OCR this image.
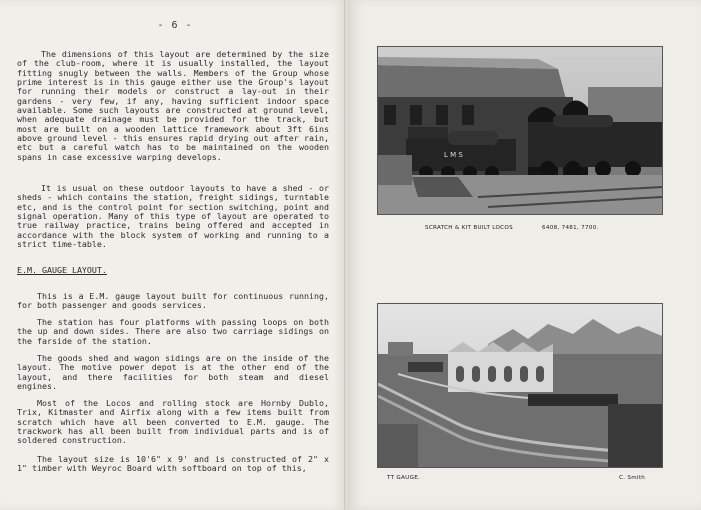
- 6 -

The dimensions of this layout are determined by the size of the club-room, where it is usually installed, the layout fitting snugly between the walls. Members of the Group whose prime interest is in this gauge either use the Group's layout for running their models or construct a lay-out in their gardens - very few, if any, having sufficient indoor space available. Some such layouts are constructed at ground level, when adequate drainage must be provided for the track, but most are built on a wooden lattice framework about 3ft 6ins above ground level - this ensures rapid drying out after rain, etc but a careful watch has to be maintained on the wooden spans in case excessive warping develops.

It is usual on these outdoor layouts to have a shed - or sheds - which contains the station, freight sidings, turntable etc, and is the control point for section switching, point and signal operation. Many of this type of layout are operated to true railway practice, trains being offered and accepted in accordance with the block system of working and running to a strict time-table.

E.M. GAUGE LAYOUT.

This is a E.M. gauge layout built for continuous running, for both passenger and goods services.

The station has four platforms with passing loops on both the up and down sides. There are also two carriage sidings on the farside of the station.

The goods shed and wagon sidings are on the inside of the layout. The motive power depot is at the other end of the layout, and there facilities for both steam and diesel engines.

Most of the Locos and rolling stock are Hornby Dublo, Trix, Kitmaster and Airfix along with a few items built from scratch which have all been converted to E.M. gauge. The trackwork has all been built from individual parts and is of soldered construction.

The layout size is 10'6" x 9' and is constructed of 2" x 1" timber with Weyroc Board with softboard on top of this,

L M S
SCRATCH & KIT BUILT LOCOS	6408, 7481, 7700.
TT GAUGE.	C. Smith
